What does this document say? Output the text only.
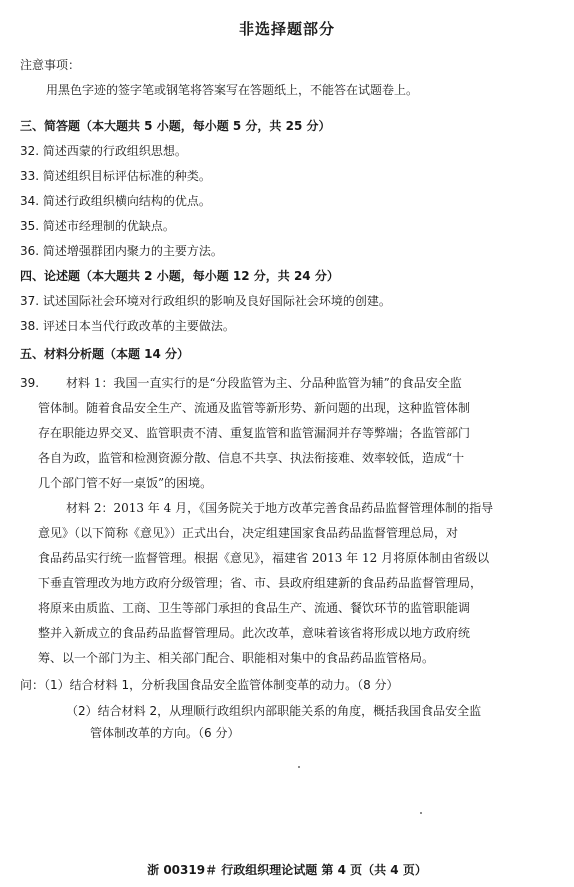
非选择题部分
注意事项：
用黑色字迹的签字笔或钢笔将答案写在答题纸上，不能答在试题卷上。
三、简答题（本大题共 5 小题，每小题 5 分，共 25 分）
32. 简述西蒙的行政组织思想。
33. 简述组织目标评估标准的种类。
34. 简述行政组织横向结构的优点。
35. 简述市经理制的优缺点。
36. 简述增强群团内聚力的主要方法。
四、论述题（本大题共 2 小题，每小题 12 分，共 24 分）
37. 试述国际社会环境对行政组织的影响及良好国际社会环境的创建。
38. 评述日本当代行政改革的主要做法。
五、材料分析题（本题 14 分）
39. 材料 1：我国一直实行的是“分段监管为主、分品种监管为辅”的食品安全监
管体制。随着食品安全生产、流通及监管等新形势、新问题的出现，这种监管体制
存在职能边界交叉、监管职责不清、重复监管和监管漏洞并存等弊端；各监管部门
各自为政，监管和检测资源分散、信息不共享、执法衔接难、效率较低，造成“十
几个部门管不好一桌饭”的困境。
材料 2：2013 年 4 月，《国务院关于地方改革完善食品药品监督管理体制的指导
意见》（以下简称《意见》）正式出台，决定组建国家食品药品监督管理总局，对
食品药品实行统一监督管理。根据《意见》，福建省 2013 年 12 月将原体制由省级以
下垂直管理改为地方政府分级管理；省、市、县政府组建新的食品药品监督管理局，
将原来由质监、工商、卫生等部门承担的食品生产、流通、餐饮环节的监管职能调
整并入新成立的食品药品监督管理局。此次改革，意味着该省将形成以地方政府统
筹、以一个部门为主、相关部门配合、职能相对集中的食品药品监管格局。
问：（1）结合材料 1，分析我国食品安全监管体制变革的动力。（8 分）
（2）结合材料 2，从理顺行政组织内部职能关系的角度，概括我国食品安全监
管体制改革的方向。（6 分）
浙 00319＃ 行政组织理论试题 第 4 页（共 4 页）
